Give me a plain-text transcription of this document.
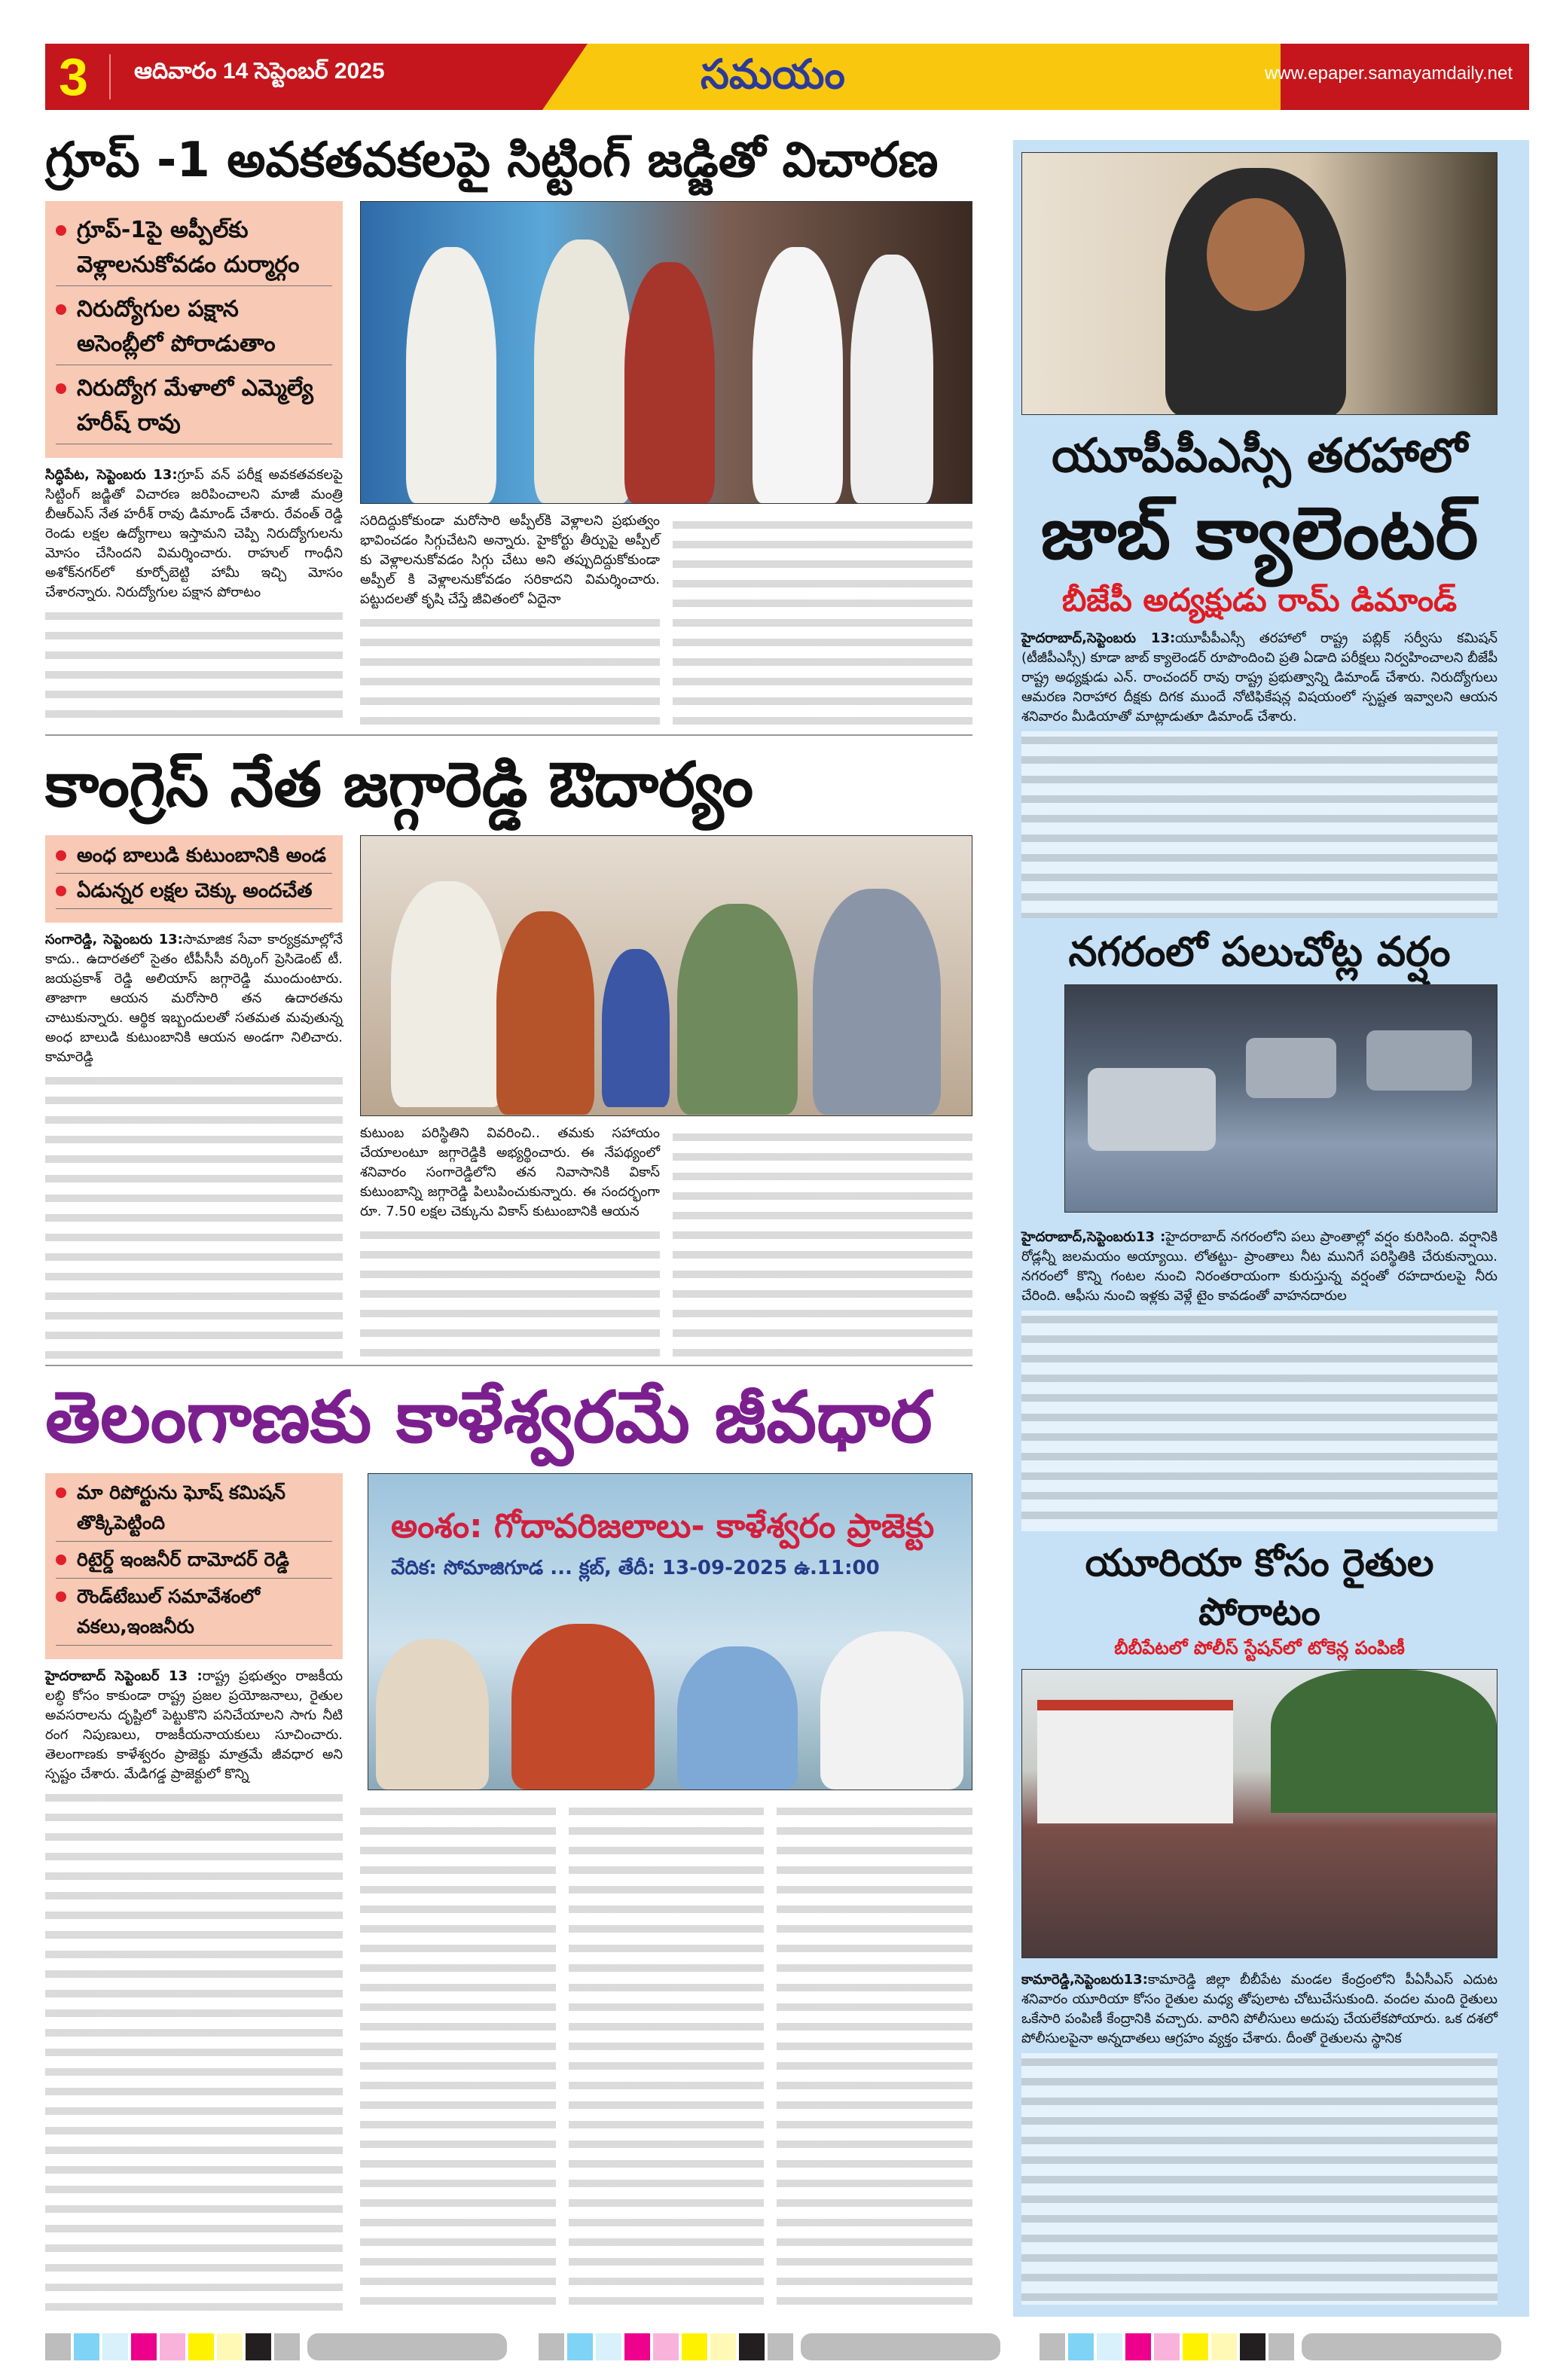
3 ఆదివారం 14 సెప్టెంబర్ 2025	సమయం	www.epaper.samayamdaily.net
గ్రూప్ -1 అవకతవకలపై సిట్టింగ్ జడ్జితో విచారణ
గ్రూప్-1పై అప్పీల్‌కు వెళ్లాలనుకోవడం దుర్మార్గం
నిరుద్యోగుల పక్షాన అసెంబ్లీలో పోరాడుతాం
నిరుద్యోగ మేళాలో ఎమ్మెల్యే హరీష్ రావు
సిద్ధిపేట, సెప్టెంబరు 13:గ్రూప్ వన్ పరీక్ష అవకతవకలపై సిట్టింగ్ జడ్జితో విచారణ జరిపించాలని మాజీ మంత్రి బీఆర్ఎస్ నేత హరీశ్ రావు డిమాండ్ చేశారు. రేవంత్ రెడ్డి రెండు లక్షల ఉద్యోగాలు ఇస్తామని చెప్పి నిరుద్యోగులను మోసం చేసిందని విమర్శించారు. రాహుల్ గాంధీని అశోక్‌నగర్‌లో కూర్చోబెట్టి హామీ ఇచ్చి మోసం చేశారన్నారు. నిరుద్యోగుల పక్షాన పోరాటం
సరిదిద్దుకోకుండా మరోసారి అప్పీల్‌కి వెళ్లాలని ప్రభుత్వం భావించడం సిగ్గుచేటని అన్నారు. హైకోర్టు తీర్పుపై అప్పీల్ కు వెళ్లాలనుకోవడం సిగ్గు చేటు అని తప్పుదిద్దుకోకుండా అప్పీల్ కి వెళ్లాలనుకోవడం సరికాదని విమర్శించారు. పట్టుదలతో కృషి చేస్తే జీవితంలో ఏదైనా
కాంగ్రెస్ నేత జగ్గారెడ్డి ఔదార్యం
అంధ బాలుడి కుటుంబానికి అండ
ఏడున్నర లక్షల చెక్కు అందచేత
సంగారెడ్డి, సెప్టెంబరు 13:సామాజిక సేవా కార్యక్రమాల్లోనే కాదు.. ఉదారతలో సైతం టీపీసీసీ వర్కింగ్ ప్రెసిడెంట్ టీ. జయప్రకాశ్ రెడ్డి అలియాస్ జగ్గారెడ్డి ముందుంటారు. తాజాగా ఆయన మరోసారి తన ఉదారతను చాటుకున్నారు. ఆర్థిక ఇబ్బందులతో సతమత మవుతున్న అంధ బాలుడి కుటుంబానికి ఆయన అండగా నిలిచారు. కామారెడ్డి
కుటుంబ పరిస్థితిని వివరించి.. తమకు సహాయం చేయాలంటూ జగ్గారెడ్డికి అభ్యర్థించారు. ఈ నేపథ్యంలో శనివారం సంగారెడ్డిలోని తన నివాసానికి వికాస్ కుటుంబాన్ని జగ్గారెడ్డి పిలుపించుకున్నారు. ఈ సందర్భంగా రూ. 7.50 లక్షల చెక్కును వికాస్ కుటుంబానికి ఆయన
తెలంగాణకు కాళేశ్వరమే జీవధార
మా రిపోర్టును ఘోష్ కమిషన్ తొక్కిపెట్టింది
రిటైర్డ్ ఇంజనీర్ దామోదర్ రెడ్డి
రౌండ్‌టేబుల్ సమావేశంలో వకలు,ఇంజనీరు
హైదరాబాద్ సెప్టెంబర్ 13 :రాష్ట్ర ప్రభుత్వం రాజకీయ లబ్ధి కోసం కాకుండా రాష్ట్ర ప్రజల ప్రయోజనాలు, రైతుల అవసరాలను దృష్టిలో పెట్టుకొని పనిచేయాలని సాగు నీటి రంగ నిపుణులు, రాజకీయనాయకులు సూచించారు. తెలంగాణకు కాళేశ్వరం ప్రాజెక్టు మాత్రమే జీవధార అని స్పష్టం చేశారు. మేడిగడ్డ ప్రాజెక్టులో కొన్ని
అంశం: గోదావరిజలాలు- కాళేశ్వరం ప్రాజెక్టు
వేదిక: సోమాజిగూడ ... క్లబ్, తేదీ: 13-09-2025 ఉ.11:00
యూపీపీఎస్సీ తరహాలో
జాబ్ క్యాలెంటర్
బీజేపీ అద్యక్షుడు రామ్ డిమాండ్
హైదరాబాద్,సెప్టెంబరు 13:యూపీపీఎస్సీ తరహాలో రాష్ట్ర పబ్లిక్ సర్వీసు కమిషన్ (టీజీపీఎస్సీ) కూడా జాబ్ క్యాలెండర్ రూపొందించి ప్రతి ఏడాది పరీక్షలు నిర్వహించాలని బీజేపీ రాష్ట్ర అధ్యక్షుడు ఎన్. రాంచందర్ రావు రాష్ట్ర ప్రభుత్వాన్ని డిమాండ్ చేశారు. నిరుద్యోగులు ఆమరణ నిరాహార దీక్షకు దిగక ముందే నోటిఫికేషన్ల విషయంలో స్పష్టత ఇవ్వాలని ఆయన శనివారం మీడియాతో మాట్లాడుతూ డిమాండ్ చేశారు.
నగరంలో పలుచోట్ల వర్షం
హైదరాబాద్,సెప్టెంబరు13 :హైదరాబాద్ నగరంలోని పలు ప్రాంతాల్లో వర్షం కురిసింది. వర్షానికి రోడ్లన్నీ జలమయం అయ్యాయి. లోతట్టు- ప్రాంతాలు నీట మునిగే పరిస్థితికి చేరుకున్నాయి. నగరంలో కొన్ని గంటల నుంచి నిరంతరాయంగా కురుస్తున్న వర్షంతో రహదారులపై నీరు చేరింది. ఆఫీసు నుంచి ఇళ్లకు వెళ్లే టైం కావడంతో వాహనదారుల
యూరియా కోసం రైతుల పోరాటం
బీబీపేటలో పోలీస్ స్టేషన్‌లో టోకెన్ల పంపిణీ
కామారెడ్డి,సెప్టెంబరు13:కామారెడ్డి జిల్లా బీబీపేట మండల కేంద్రంలోని పీఏసీఎస్ ఎదుట శనివారం యూరియా కోసం రైతుల మధ్య తోపులాట చోటుచేసుకుంది. వందల మంది రైతులు ఒకేసారి పంపిణీ కేంద్రానికి వచ్చారు. వారిని పోలీసులు అదుపు చేయలేకపోయారు. ఒక దశలో పోలీసులపైనా అన్నదాతలు ఆగ్రహం వ్యక్తం చేశారు. దీంతో రైతులను స్థానిక
